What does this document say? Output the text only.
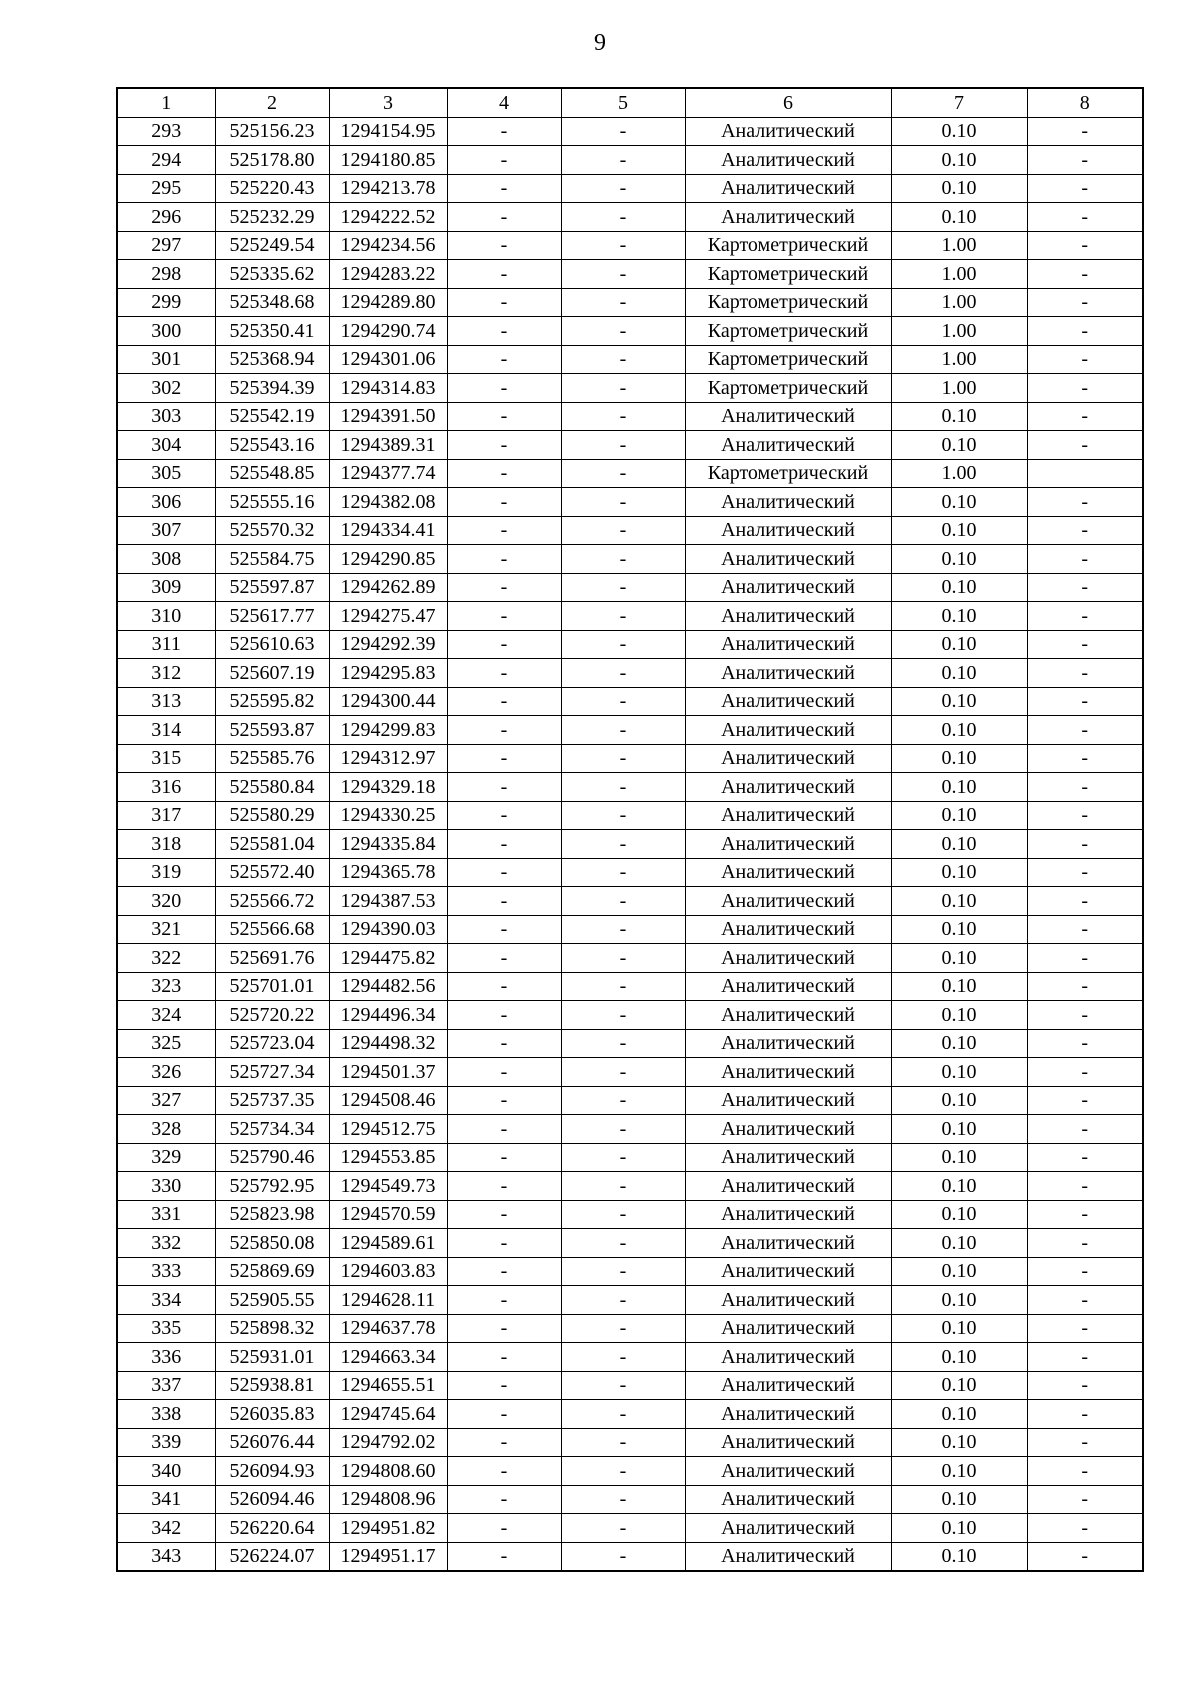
9
1	2	3	4	5	6	7	8
293	525156.23	1294154.95	-	-	Аналитический	0.10	-
294	525178.80	1294180.85	-	-	Аналитический	0.10	-
295	525220.43	1294213.78	-	-	Аналитический	0.10	-
296	525232.29	1294222.52	-	-	Аналитический	0.10	-
297	525249.54	1294234.56	-	-	Картометрический	1.00	-
298	525335.62	1294283.22	-	-	Картометрический	1.00	-
299	525348.68	1294289.80	-	-	Картометрический	1.00	-
300	525350.41	1294290.74	-	-	Картометрический	1.00	-
301	525368.94	1294301.06	-	-	Картометрический	1.00	-
302	525394.39	1294314.83	-	-	Картометрический	1.00	-
303	525542.19	1294391.50	-	-	Аналитический	0.10	-
304	525543.16	1294389.31	-	-	Аналитический	0.10	-
305	525548.85	1294377.74	-	-	Картометрический	1.00	
306	525555.16	1294382.08	-	-	Аналитический	0.10	-
307	525570.32	1294334.41	-	-	Аналитический	0.10	-
308	525584.75	1294290.85	-	-	Аналитический	0.10	-
309	525597.87	1294262.89	-	-	Аналитический	0.10	-
310	525617.77	1294275.47	-	-	Аналитический	0.10	-
311	525610.63	1294292.39	-	-	Аналитический	0.10	-
312	525607.19	1294295.83	-	-	Аналитический	0.10	-
313	525595.82	1294300.44	-	-	Аналитический	0.10	-
314	525593.87	1294299.83	-	-	Аналитический	0.10	-
315	525585.76	1294312.97	-	-	Аналитический	0.10	-
316	525580.84	1294329.18	-	-	Аналитический	0.10	-
317	525580.29	1294330.25	-	-	Аналитический	0.10	-
318	525581.04	1294335.84	-	-	Аналитический	0.10	-
319	525572.40	1294365.78	-	-	Аналитический	0.10	-
320	525566.72	1294387.53	-	-	Аналитический	0.10	-
321	525566.68	1294390.03	-	-	Аналитический	0.10	-
322	525691.76	1294475.82	-	-	Аналитический	0.10	-
323	525701.01	1294482.56	-	-	Аналитический	0.10	-
324	525720.22	1294496.34	-	-	Аналитический	0.10	-
325	525723.04	1294498.32	-	-	Аналитический	0.10	-
326	525727.34	1294501.37	-	-	Аналитический	0.10	-
327	525737.35	1294508.46	-	-	Аналитический	0.10	-
328	525734.34	1294512.75	-	-	Аналитический	0.10	-
329	525790.46	1294553.85	-	-	Аналитический	0.10	-
330	525792.95	1294549.73	-	-	Аналитический	0.10	-
331	525823.98	1294570.59	-	-	Аналитический	0.10	-
332	525850.08	1294589.61	-	-	Аналитический	0.10	-
333	525869.69	1294603.83	-	-	Аналитический	0.10	-
334	525905.55	1294628.11	-	-	Аналитический	0.10	-
335	525898.32	1294637.78	-	-	Аналитический	0.10	-
336	525931.01	1294663.34	-	-	Аналитический	0.10	-
337	525938.81	1294655.51	-	-	Аналитический	0.10	-
338	526035.83	1294745.64	-	-	Аналитический	0.10	-
339	526076.44	1294792.02	-	-	Аналитический	0.10	-
340	526094.93	1294808.60	-	-	Аналитический	0.10	-
341	526094.46	1294808.96	-	-	Аналитический	0.10	-
342	526220.64	1294951.82	-	-	Аналитический	0.10	-
343	526224.07	1294951.17	-	-	Аналитический	0.10	-
